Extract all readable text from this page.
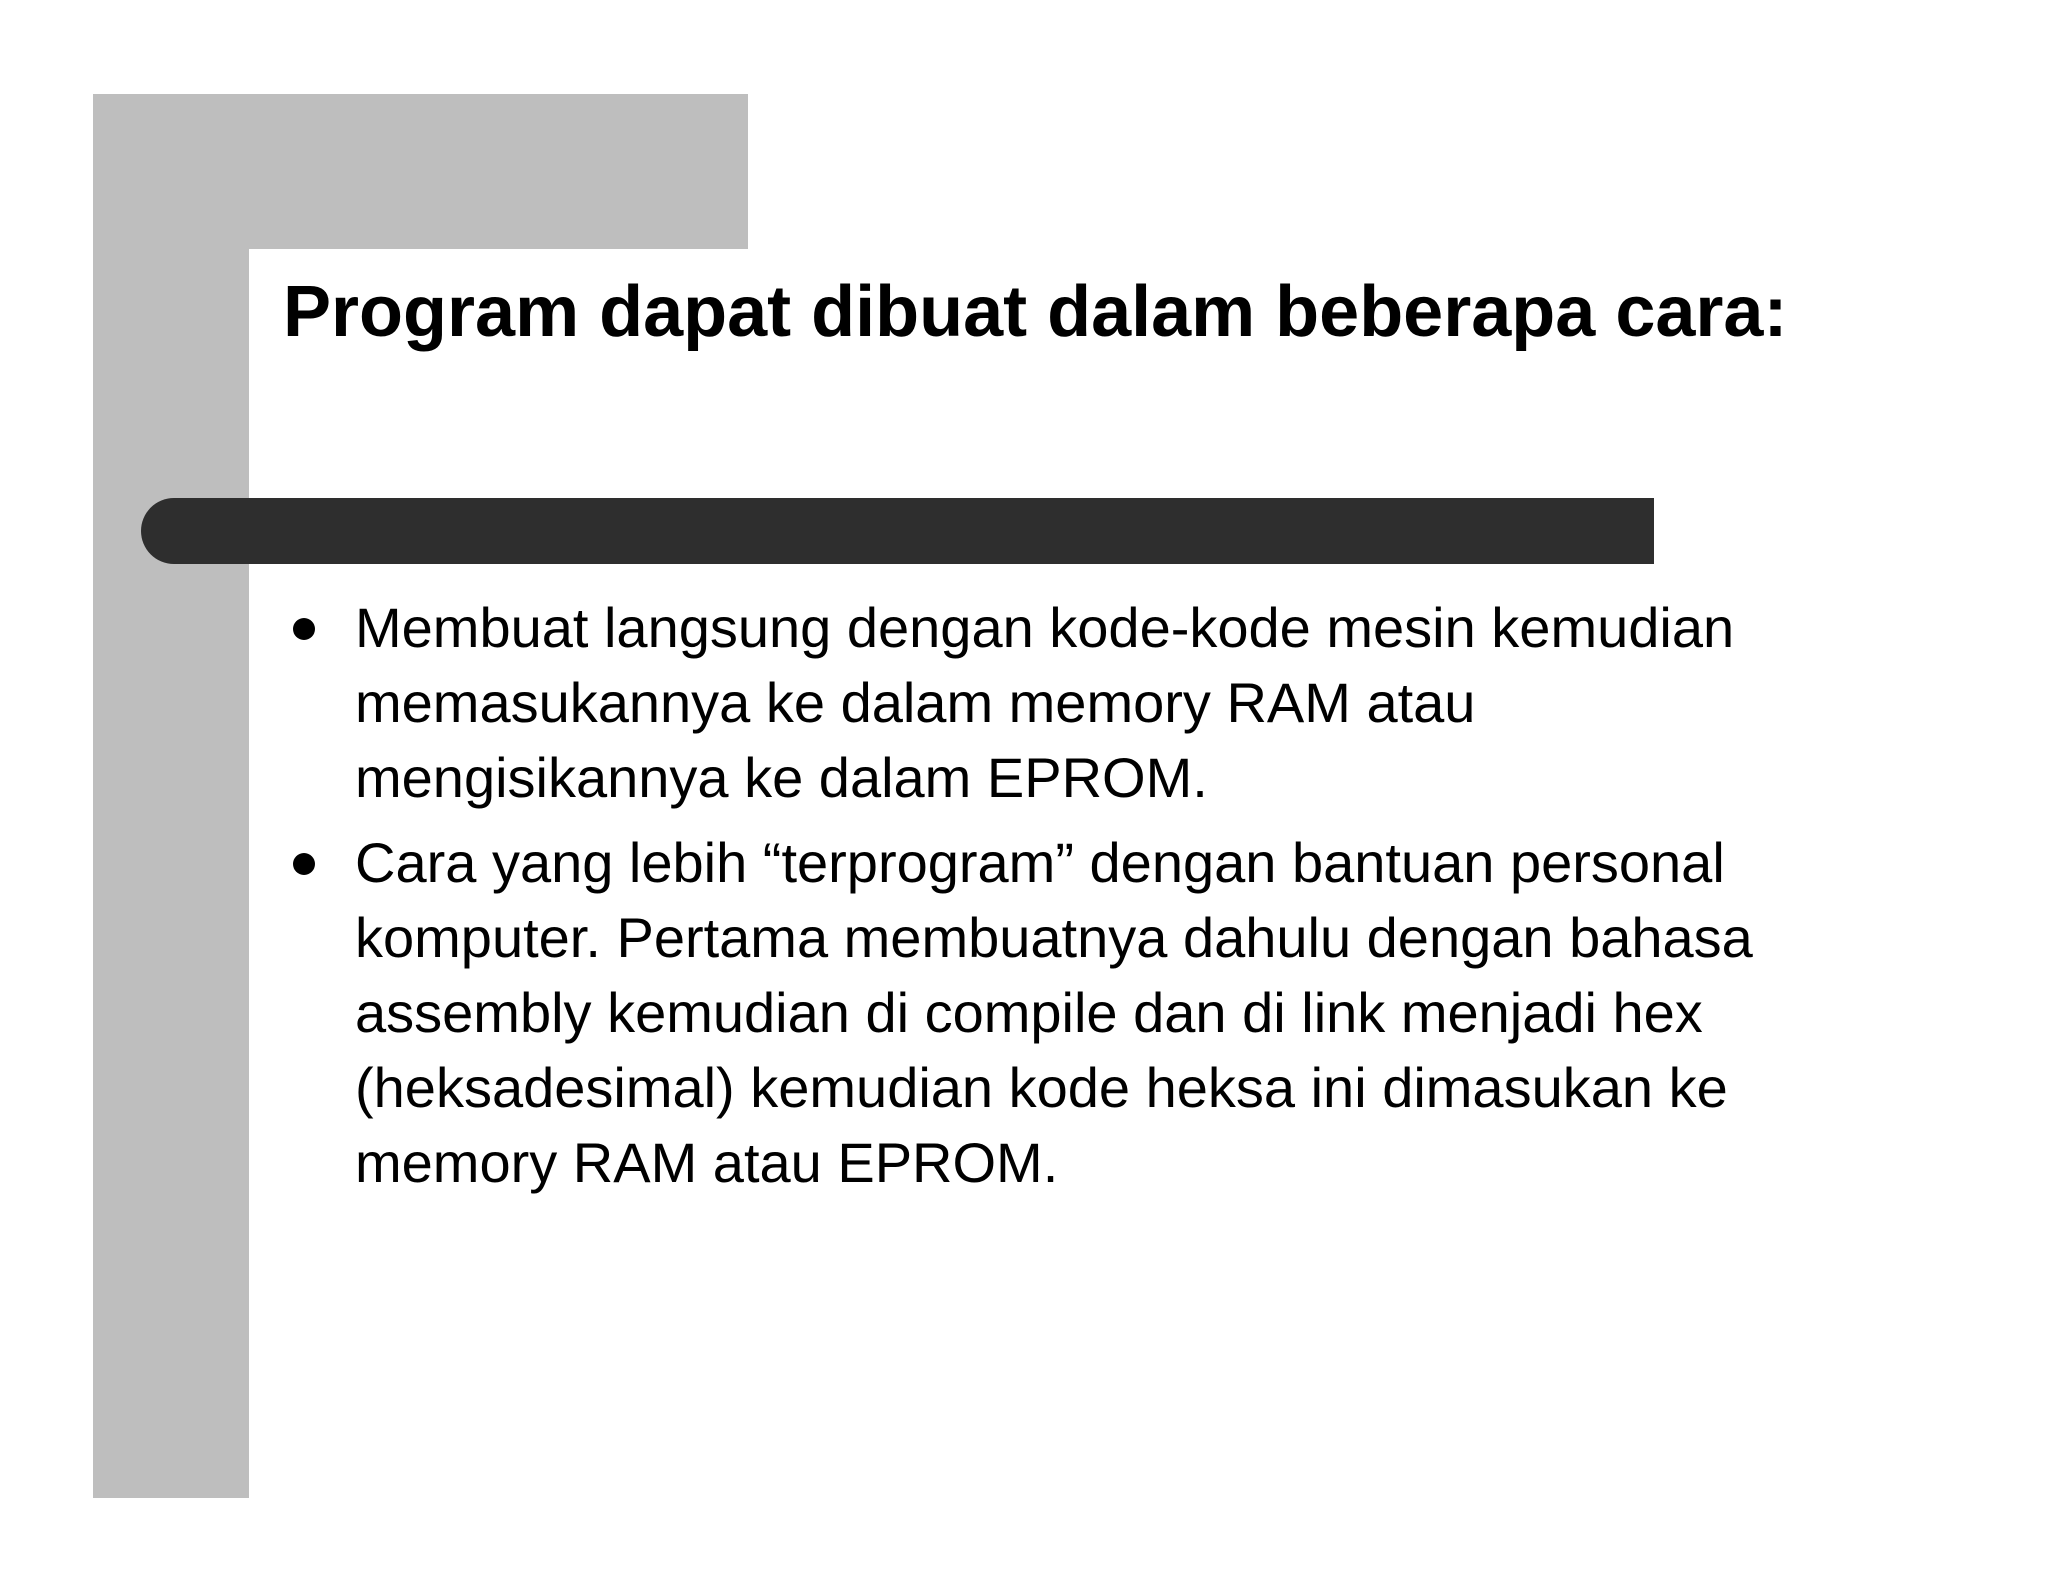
Program dapat dibuat dalam beberapa cara:
Membuat langsung dengan kode-kode mesin kemudian memasukannya ke dalam memory RAM atau mengisikannya ke dalam EPROM.
Cara yang lebih “terprogram” dengan bantuan personal komputer. Pertama membuatnya dahulu dengan bahasa assembly kemudian di compile dan di link menjadi hex (heksadesimal) kemudian kode heksa ini dimasukan ke memory RAM atau EPROM.
